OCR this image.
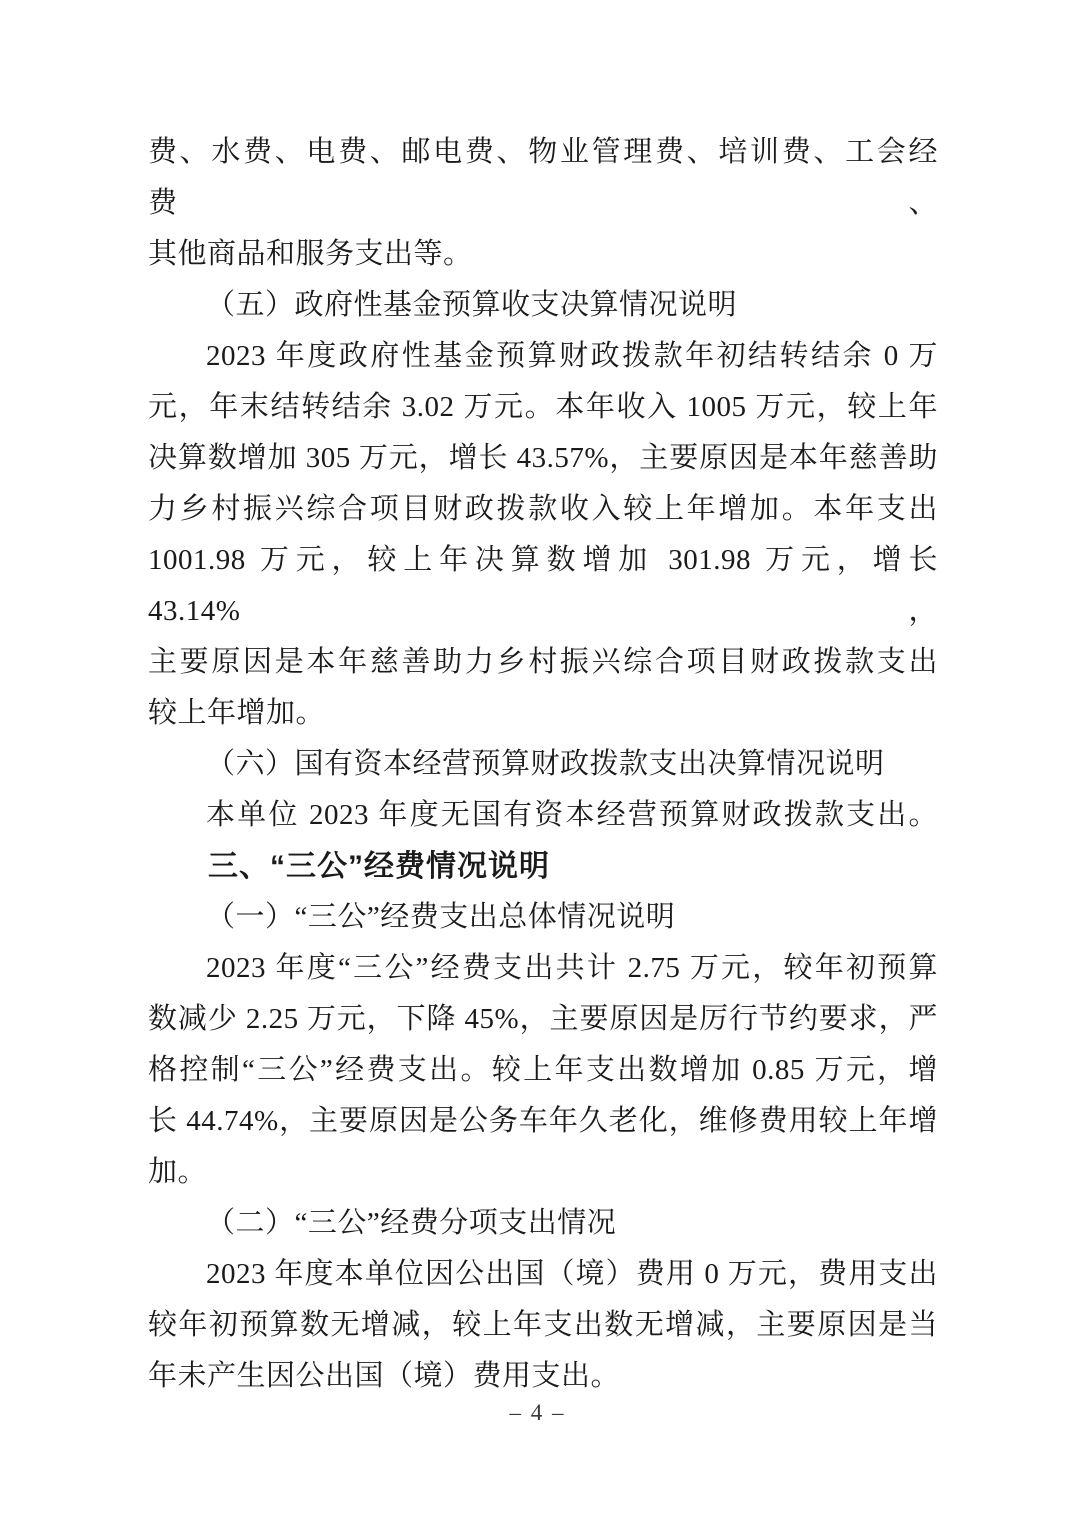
费、水费、电费、邮电费、物业管理费、培训费、工会经费、
其他商品和服务支出等。
（五）政府性基金预算收支决算情况说明
2023 年度政府性基金预算财政拨款年初结转结余 0 万
元，年末结转结余 3.02 万元。本年收入 1005 万元，较上年
决算数增加 305 万元，增长 43.57%，主要原因是本年慈善助
力乡村振兴综合项目财政拨款收入较上年增加。本年支出
1001.98 万元，较上年决算数增加 301.98 万元，增长 43.14%，
主要原因是本年慈善助力乡村振兴综合项目财政拨款支出
较上年增加。
（六）国有资本经营预算财政拨款支出决算情况说明
本单位 2023 年度无国有资本经营预算财政拨款支出。
三、“三公”经费情况说明
（一）“三公”经费支出总体情况说明
2023 年度“三公”经费支出共计 2.75 万元，较年初预算
数减少 2.25 万元，下降 45%，主要原因是厉行节约要求，严
格控制“三公”经费支出。较上年支出数增加 0.85 万元，增
长 44.74%，主要原因是公务车年久老化，维修费用较上年增
加。
（二）“三公”经费分项支出情况
2023 年度本单位因公出国（境）费用 0 万元，费用支出
较年初预算数无增减，较上年支出数无增减，主要原因是当
年未产生因公出国（境）费用支出。
– 4 –
